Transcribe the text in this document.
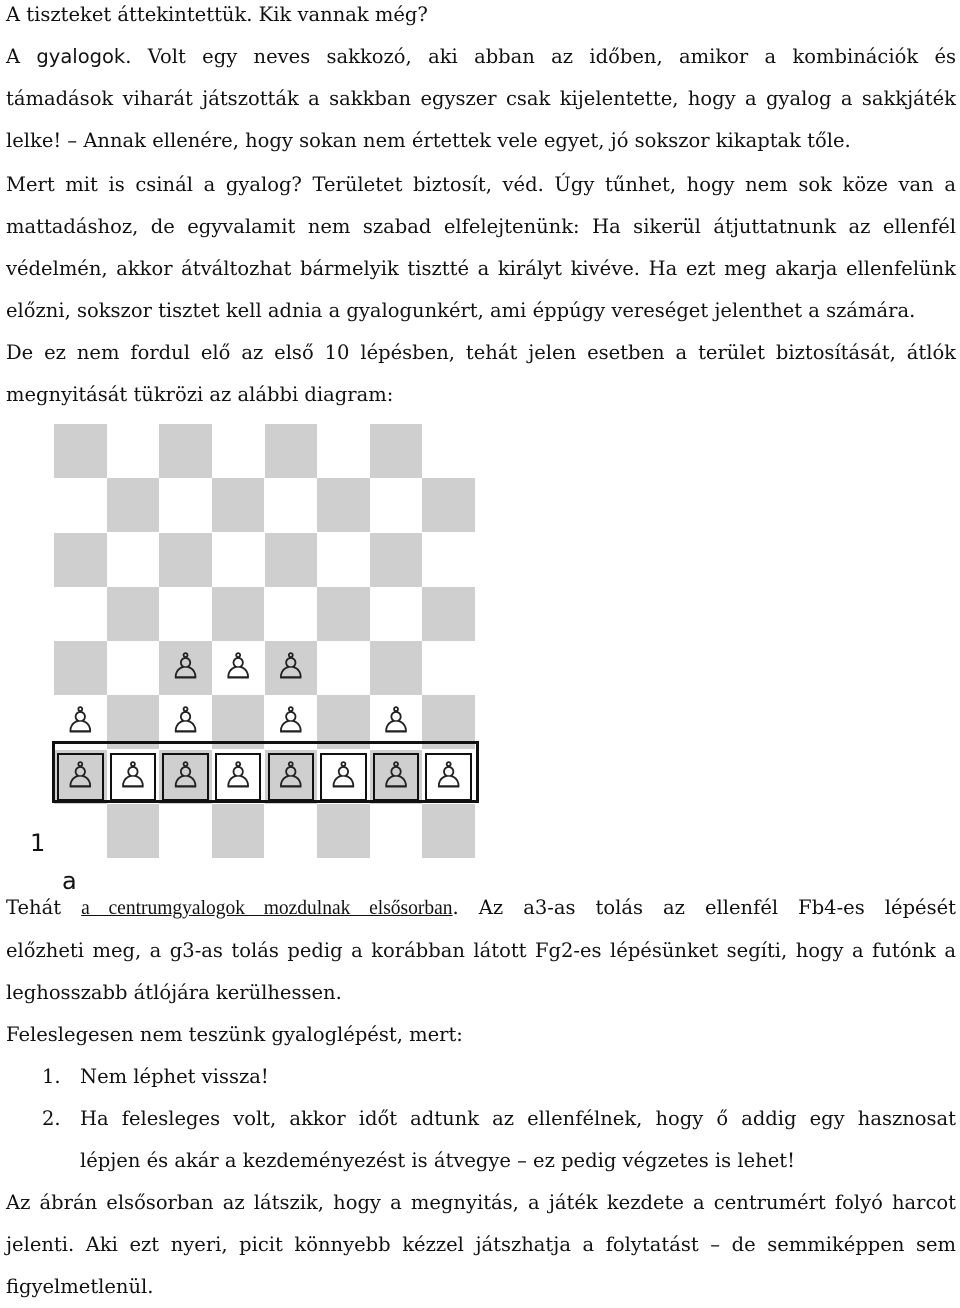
A tiszteket áttekintettük. Kik vannak még?

A gyalogok. Volt egy neves sakkozó, aki abban az időben, amikor a kombinációk és

támadások viharát játszották a sakkban egyszer csak kijelentette, hogy a gyalog a sakkjáték

lelke! – Annak ellenére, hogy sokan nem értettek vele egyet, jó sokszor kikaptak tőle.

Mert mit is csinál a gyalog? Területet biztosít, véd. Úgy tűnhet, hogy nem sok köze van a

mattadáshoz, de egyvalamit nem szabad elfelejtenünk: Ha sikerül átjuttatnunk az ellenfél

védelmén, akkor átváltozhat bármelyik tisztté a királyt kivéve. Ha ezt meg akarja ellenfelünk

előzni, sokszor tisztet kell adnia a gyalogunkért, ami éppúgy vereséget jelenthet a számára.

De ez nem fordul elő az első 10 lépésben, tehát jelen esetben a terület biztosítását, átlók

megnyitását tükrözi az alábbi diagram:

♙ ♙ ♙
♙ ♙ ♙ ♙
♙ ♙ ♙ ♙ ♙ ♙ ♙ ♙
1
a

Tehát a centrumgyalogok mozdulnak elsősorban. Az a3-as tolás az ellenfél Fb4-es lépését

előzheti meg, a g3-as tolás pedig a korábban látott Fg2-es lépésünket segíti, hogy a futónk a

leghosszabb átlójára kerülhessen.

Feleslegesen nem teszünk gyaloglépést, mert:

1. Nem léphet vissza!
2. Ha felesleges volt, akkor időt adtunk az ellenfélnek, hogy ő addig egy hasznosat
lépjen és akár a kezdeményezést is átvegye – ez pedig végzetes is lehet!

Az ábrán elsősorban az látszik, hogy a megnyitás, a játék kezdete a centrumért folyó harcot

jelenti. Aki ezt nyeri, picit könnyebb kézzel játszhatja a folytatást – de semmiképpen sem

figyelmetlenül.
